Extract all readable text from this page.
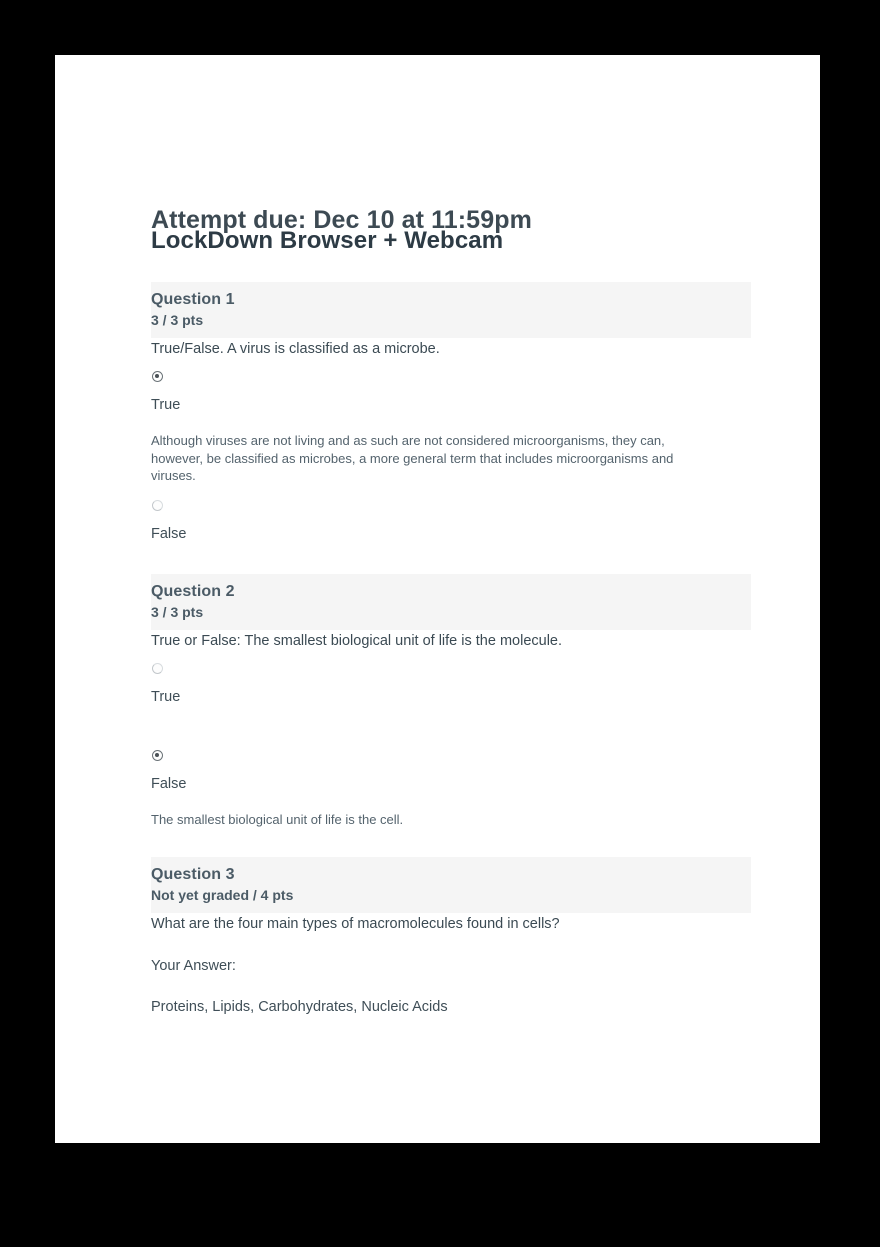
Attempt due: Dec 10 at 11:59pm
LockDown Browser + Webcam
Question 1
3 / 3 pts

True/False. A virus is classified as a microbe.

True

Although viruses are not living and as such are not considered microorganisms, they can, however, be classified as microbes, a more general term that includes microorganisms and viruses.

False

Question 2
3 / 3 pts

True or False: The smallest biological unit of life is the molecule.

True

False

The smallest biological unit of life is the cell.

Question 3
Not yet graded / 4 pts

What are the four main types of macromolecules found in cells?

Your Answer:

Proteins, Lipids, Carbohydrates, Nucleic Acids
